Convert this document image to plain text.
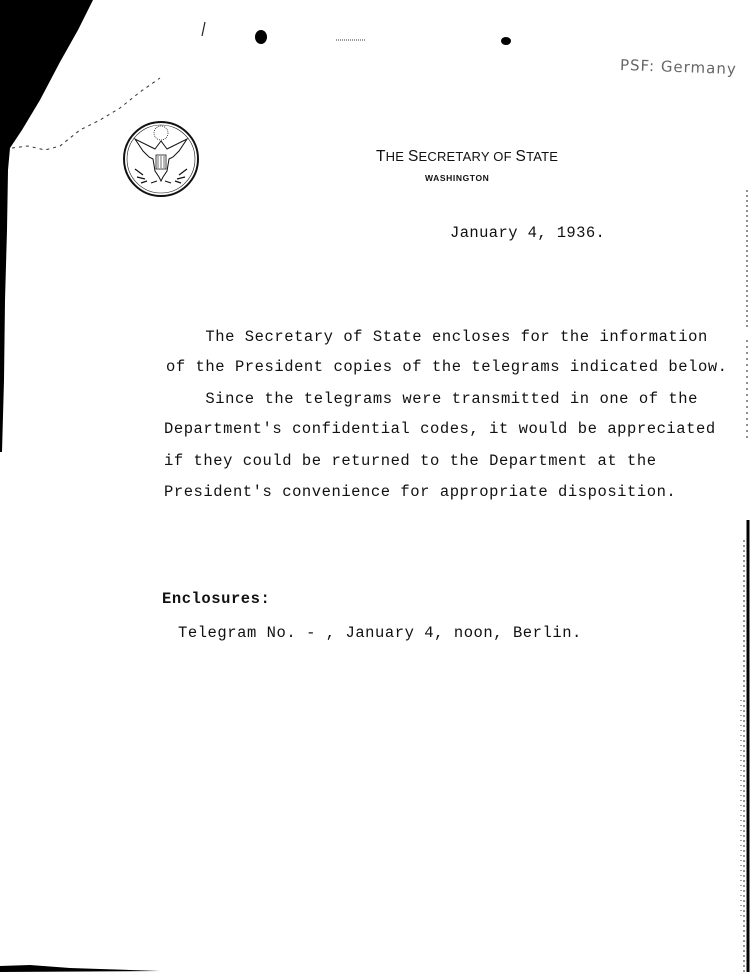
PSF: Germany
THE SECRETARY OF STATE
WASHINGTON
January 4, 1936.
The Secretary of State encloses for the information
of the President copies of the telegrams indicated below.
Since the telegrams were transmitted in one of the
Department's confidential codes, it would be appreciated
if they could be returned to the Department at the
President's convenience for appropriate disposition.
Enclosures:
Telegram No. - , January 4, noon, Berlin.
